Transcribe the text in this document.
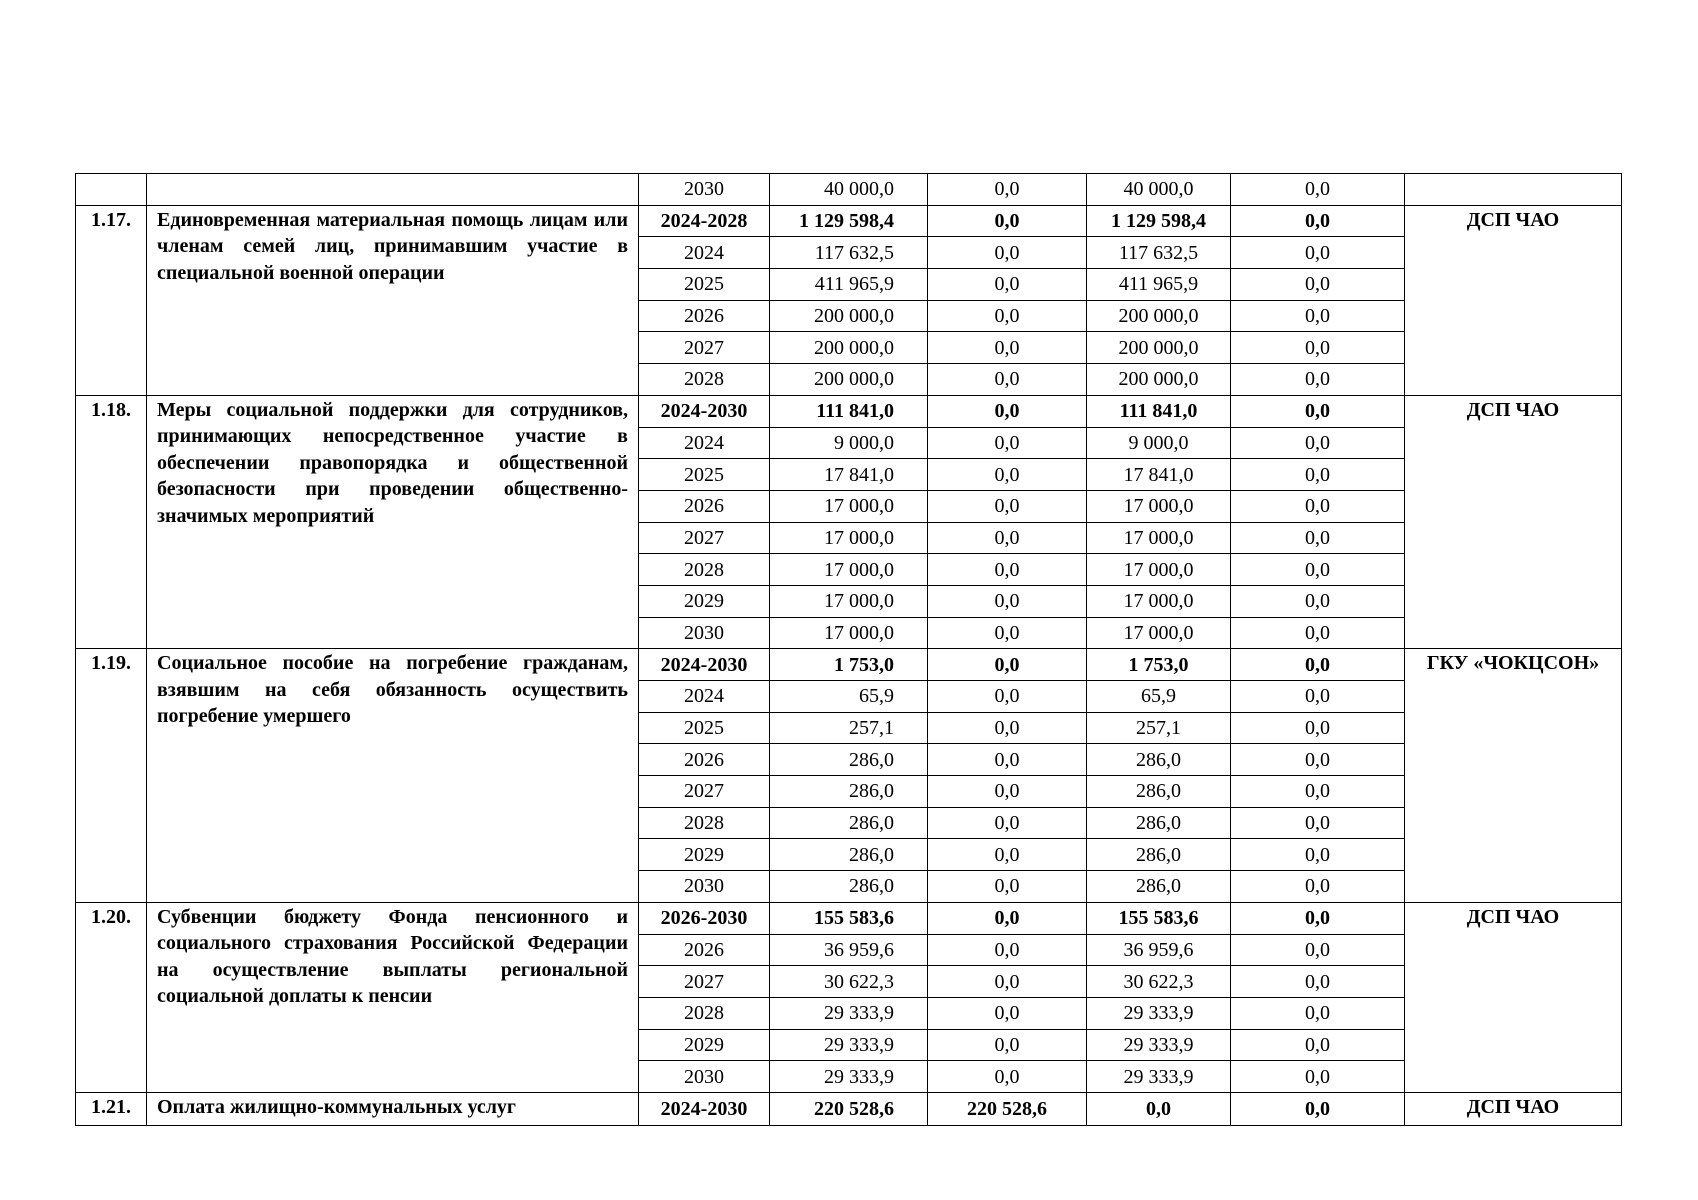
		2030	40 000,0	0,0	40 000,0	0,0	
1.17.	Единовременная материальная помощь лицам или членам семей лиц, принимавшим участие в специальной военной операции	2024-2028	1 129 598,4	0,0	1 129 598,4	0,0	ДСП ЧАО
		2024	117 632,5	0,0	117 632,5	0,0	
		2025	411 965,9	0,0	411 965,9	0,0	
		2026	200 000,0	0,0	200 000,0	0,0	
		2027	200 000,0	0,0	200 000,0	0,0	
		2028	200 000,0	0,0	200 000,0	0,0	
1.18.	Меры социальной поддержки для сотрудников, принимающих непосредственное участие в обеспечении правопорядка и общественной безопасности при проведении общественно-значимых мероприятий	2024-2030	111 841,0	0,0	111 841,0	0,0	ДСП ЧАО
		2024	9 000,0	0,0	9 000,0	0,0	
		2025	17 841,0	0,0	17 841,0	0,0	
		2026	17 000,0	0,0	17 000,0	0,0	
		2027	17 000,0	0,0	17 000,0	0,0	
		2028	17 000,0	0,0	17 000,0	0,0	
		2029	17 000,0	0,0	17 000,0	0,0	
		2030	17 000,0	0,0	17 000,0	0,0	
1.19.	Социальное пособие на погребение гражданам, взявшим на себя обязанность осуществить погребение умершего	2024-2030	1 753,0	0,0	1 753,0	0,0	ГКУ «ЧОКЦСОН»
		2024	65,9	0,0	65,9	0,0	
		2025	257,1	0,0	257,1	0,0	
		2026	286,0	0,0	286,0	0,0	
		2027	286,0	0,0	286,0	0,0	
		2028	286,0	0,0	286,0	0,0	
		2029	286,0	0,0	286,0	0,0	
		2030	286,0	0,0	286,0	0,0	
1.20.	Субвенции бюджету Фонда пенсионного и социального страхования Российской Федерации на осуществление выплаты региональной социальной доплаты к пенсии	2026-2030	155 583,6	0,0	155 583,6	0,0	ДСП ЧАО
		2026	36 959,6	0,0	36 959,6	0,0	
		2027	30 622,3	0,0	30 622,3	0,0	
		2028	29 333,9	0,0	29 333,9	0,0	
		2029	29 333,9	0,0	29 333,9	0,0	
		2030	29 333,9	0,0	29 333,9	0,0	
1.21.	Оплата жилищно-коммунальных услуг	2024-2030	220 528,6	220 528,6	0,0	0,0	ДСП ЧАО
